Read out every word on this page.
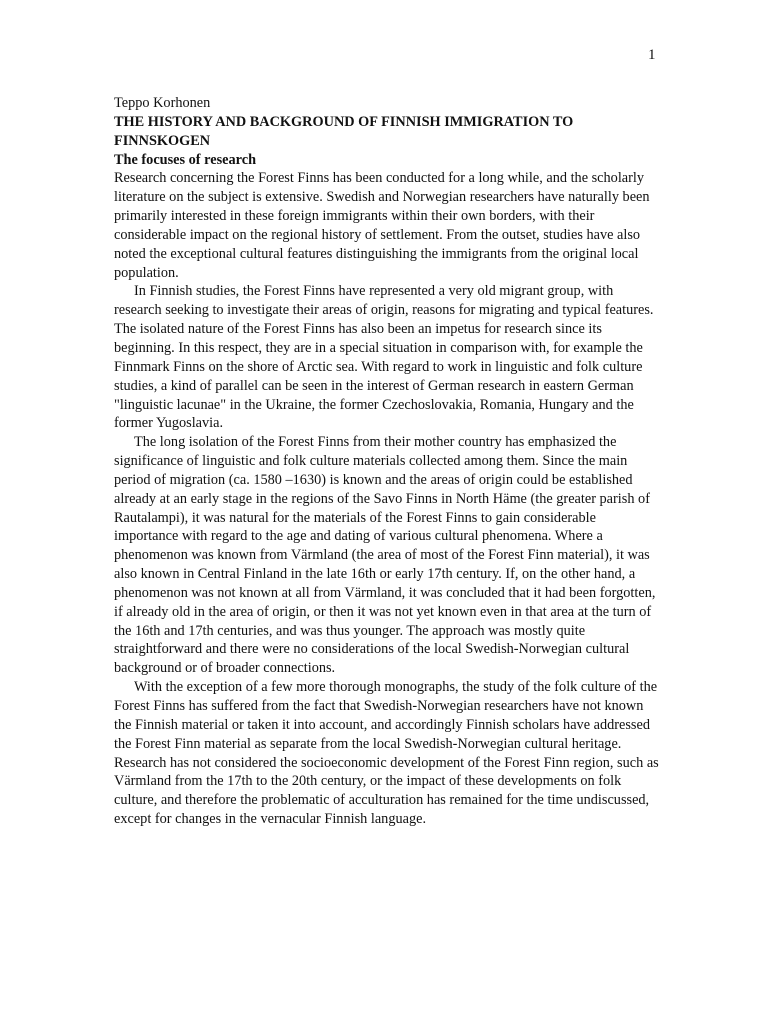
1

Teppo Korhonen

THE HISTORY AND BACKGROUND OF FINNISH IMMIGRATION TO FINNSKOGEN

The focuses of research

Research concerning the Forest Finns has been conducted for a long while, and the scholarly literature on the subject is extensive. Swedish and Norwegian researchers have naturally been primarily interested in these foreign immigrants within their own borders, with their considerable impact on the regional history of settlement. From the outset, studies have also noted the exceptional cultural features distinguishing the immigrants from the original local population.

In Finnish studies, the Forest Finns have represented a very old migrant group, with research seeking to investigate their areas of origin, reasons for migrating and typical features. The isolated nature of the Forest Finns has also been an impetus for research since its beginning. In this respect, they are in a special situation in comparison with, for example the Finnmark Finns on the shore of Arctic sea. With regard to work in linguistic and folk culture studies, a kind of parallel can be seen in the interest of German research in eastern German "linguistic lacunae" in the Ukraine, the former Czechoslovakia, Romania, Hungary and the former Yugoslavia.

The long isolation of the Forest Finns from their mother country has emphasized the significance of linguistic and folk culture materials collected among them. Since the main period of migration (ca. 1580 –1630) is known and the areas of origin could be established already at an early stage in the regions of the Savo Finns in North Häme (the greater parish of Rautalampi), it was natural for the materials of the Forest Finns to gain considerable importance with regard to the age and dating of various cultural phenomena. Where a phenomenon was known from Värmland (the area of most of the Forest Finn material), it was also known in Central Finland in the late 16th or early 17th century. If, on the other hand, a phenomenon was not known at all from Värmland, it was concluded that it had been forgotten, if already old in the area of origin, or then it was not yet known even in that area at the turn of the 16th and 17th centuries, and was thus younger. The approach was mostly quite straightforward and there were no considerations of the local Swedish-Norwegian cultural background or of broader connections.

With the exception of a few more thorough monographs, the study of the folk culture of the Forest Finns has suffered from the fact that Swedish-Norwegian researchers have not known the Finnish material or taken it into account, and accordingly Finnish scholars have addressed the Forest Finn material as separate from the local Swedish-Norwegian cultural heritage. Research has not considered the socioeconomic development of the Forest Finn region, such as Värmland from the 17th to the 20th century, or the impact of these developments on folk culture, and therefore the problematic of acculturation has remained for the time undiscussed, except for changes in the vernacular Finnish language.
